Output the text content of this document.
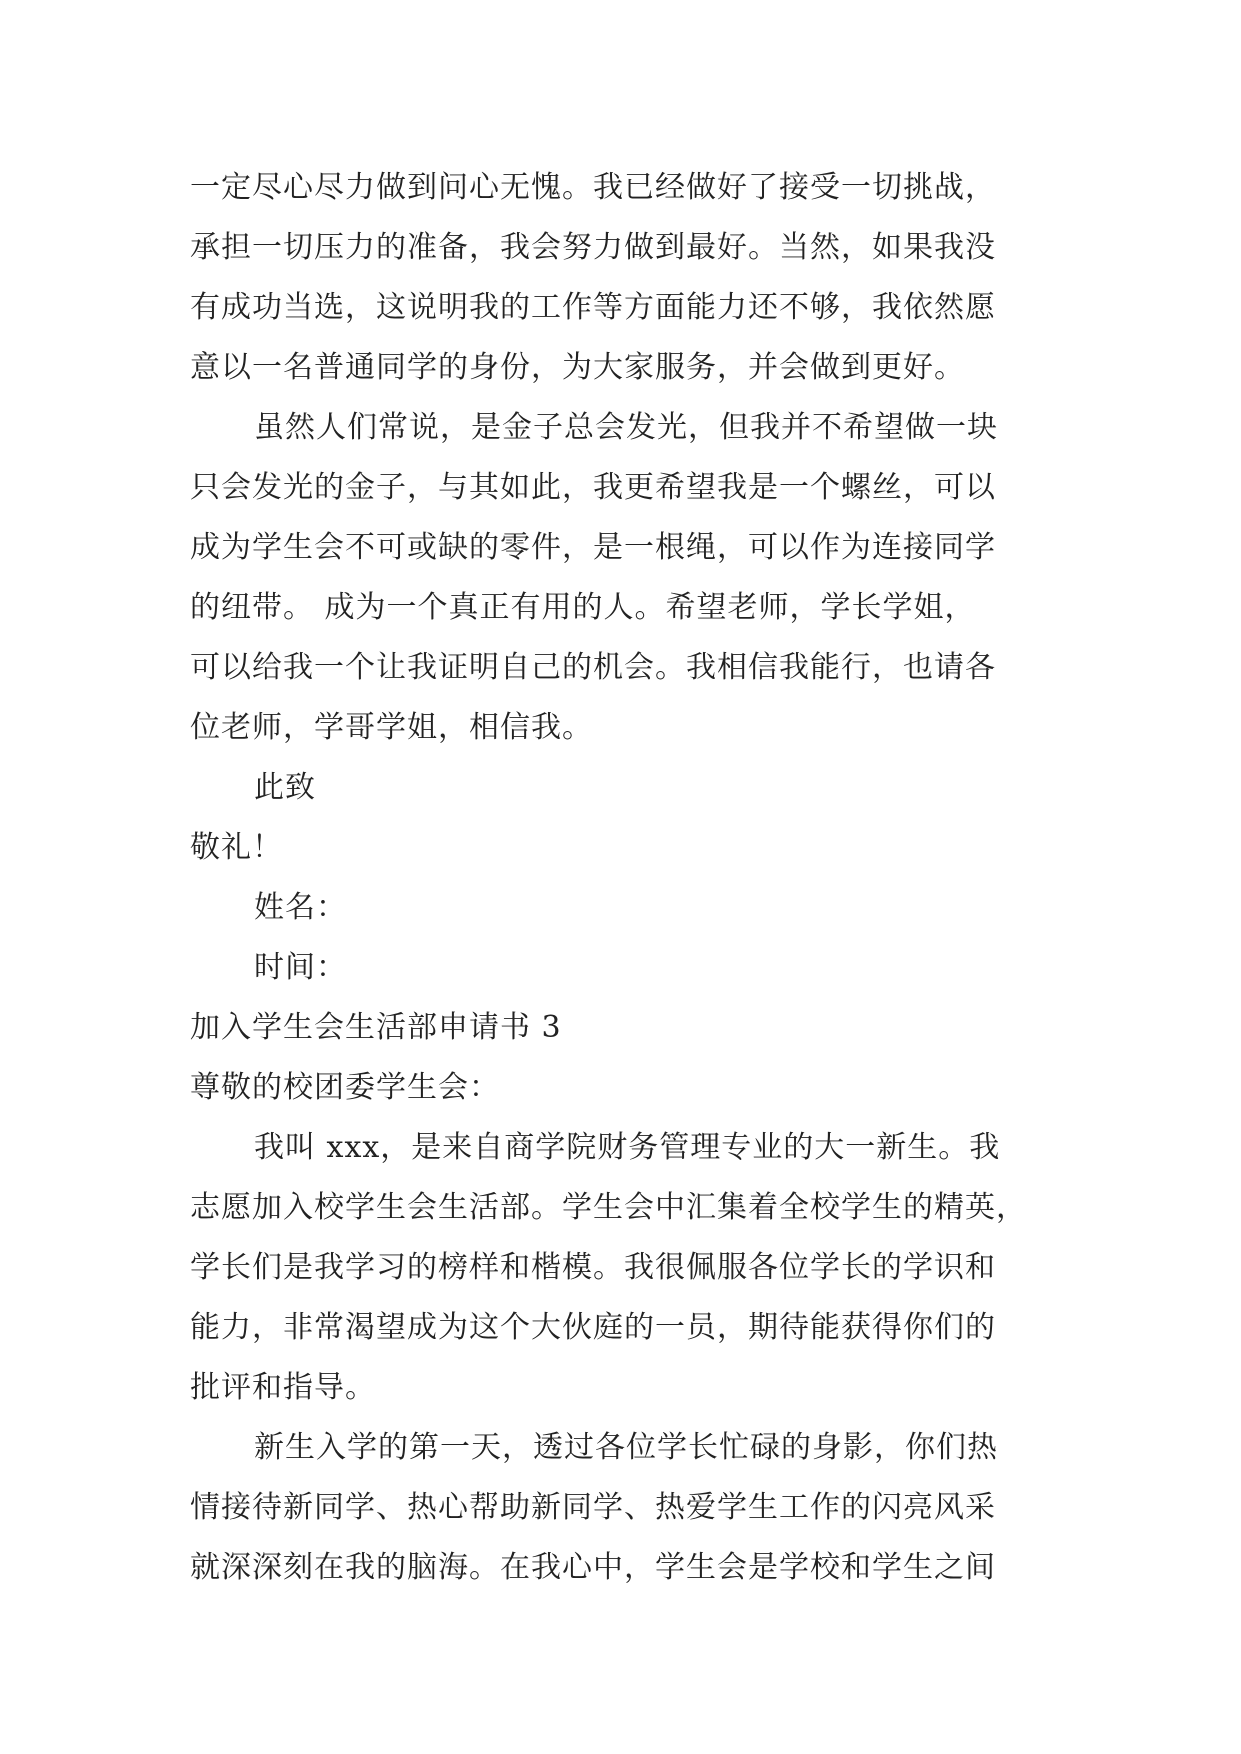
一定尽心尽力做到问心无愧。我已经做好了接受一切挑战，
承担一切压力的准备，我会努力做到最好。当然，如果我没
有成功当选，这说明我的工作等方面能力还不够，我依然愿
意以一名普通同学的身份，为大家服务，并会做到更好。
虽然人们常说，是金子总会发光，但我并不希望做一块
只会发光的金子，与其如此，我更希望我是一个螺丝，可以
成为学生会不可或缺的零件，是一根绳，可以作为连接同学
的纽带。 成为一个真正有用的人。希望老师，学长学姐，
可以给我一个让我证明自己的机会。我相信我能行，也请各
位老师，学哥学姐，相信我。
此致
敬礼！
姓名：
时间：
加入学生会生活部申请书 3
尊敬的校团委学生会：
我叫 xxx，是来自商学院财务管理专业的大一新生。我
志愿加入校学生会生活部。学生会中汇集着全校学生的精英，
学长们是我学习的榜样和楷模。我很佩服各位学长的学识和
能力，非常渴望成为这个大伙庭的一员，期待能获得你们的
批评和指导。
新生入学的第一天，透过各位学长忙碌的身影，你们热
情接待新同学、热心帮助新同学、热爱学生工作的闪亮风采
就深深刻在我的脑海。在我心中，学生会是学校和学生之间
